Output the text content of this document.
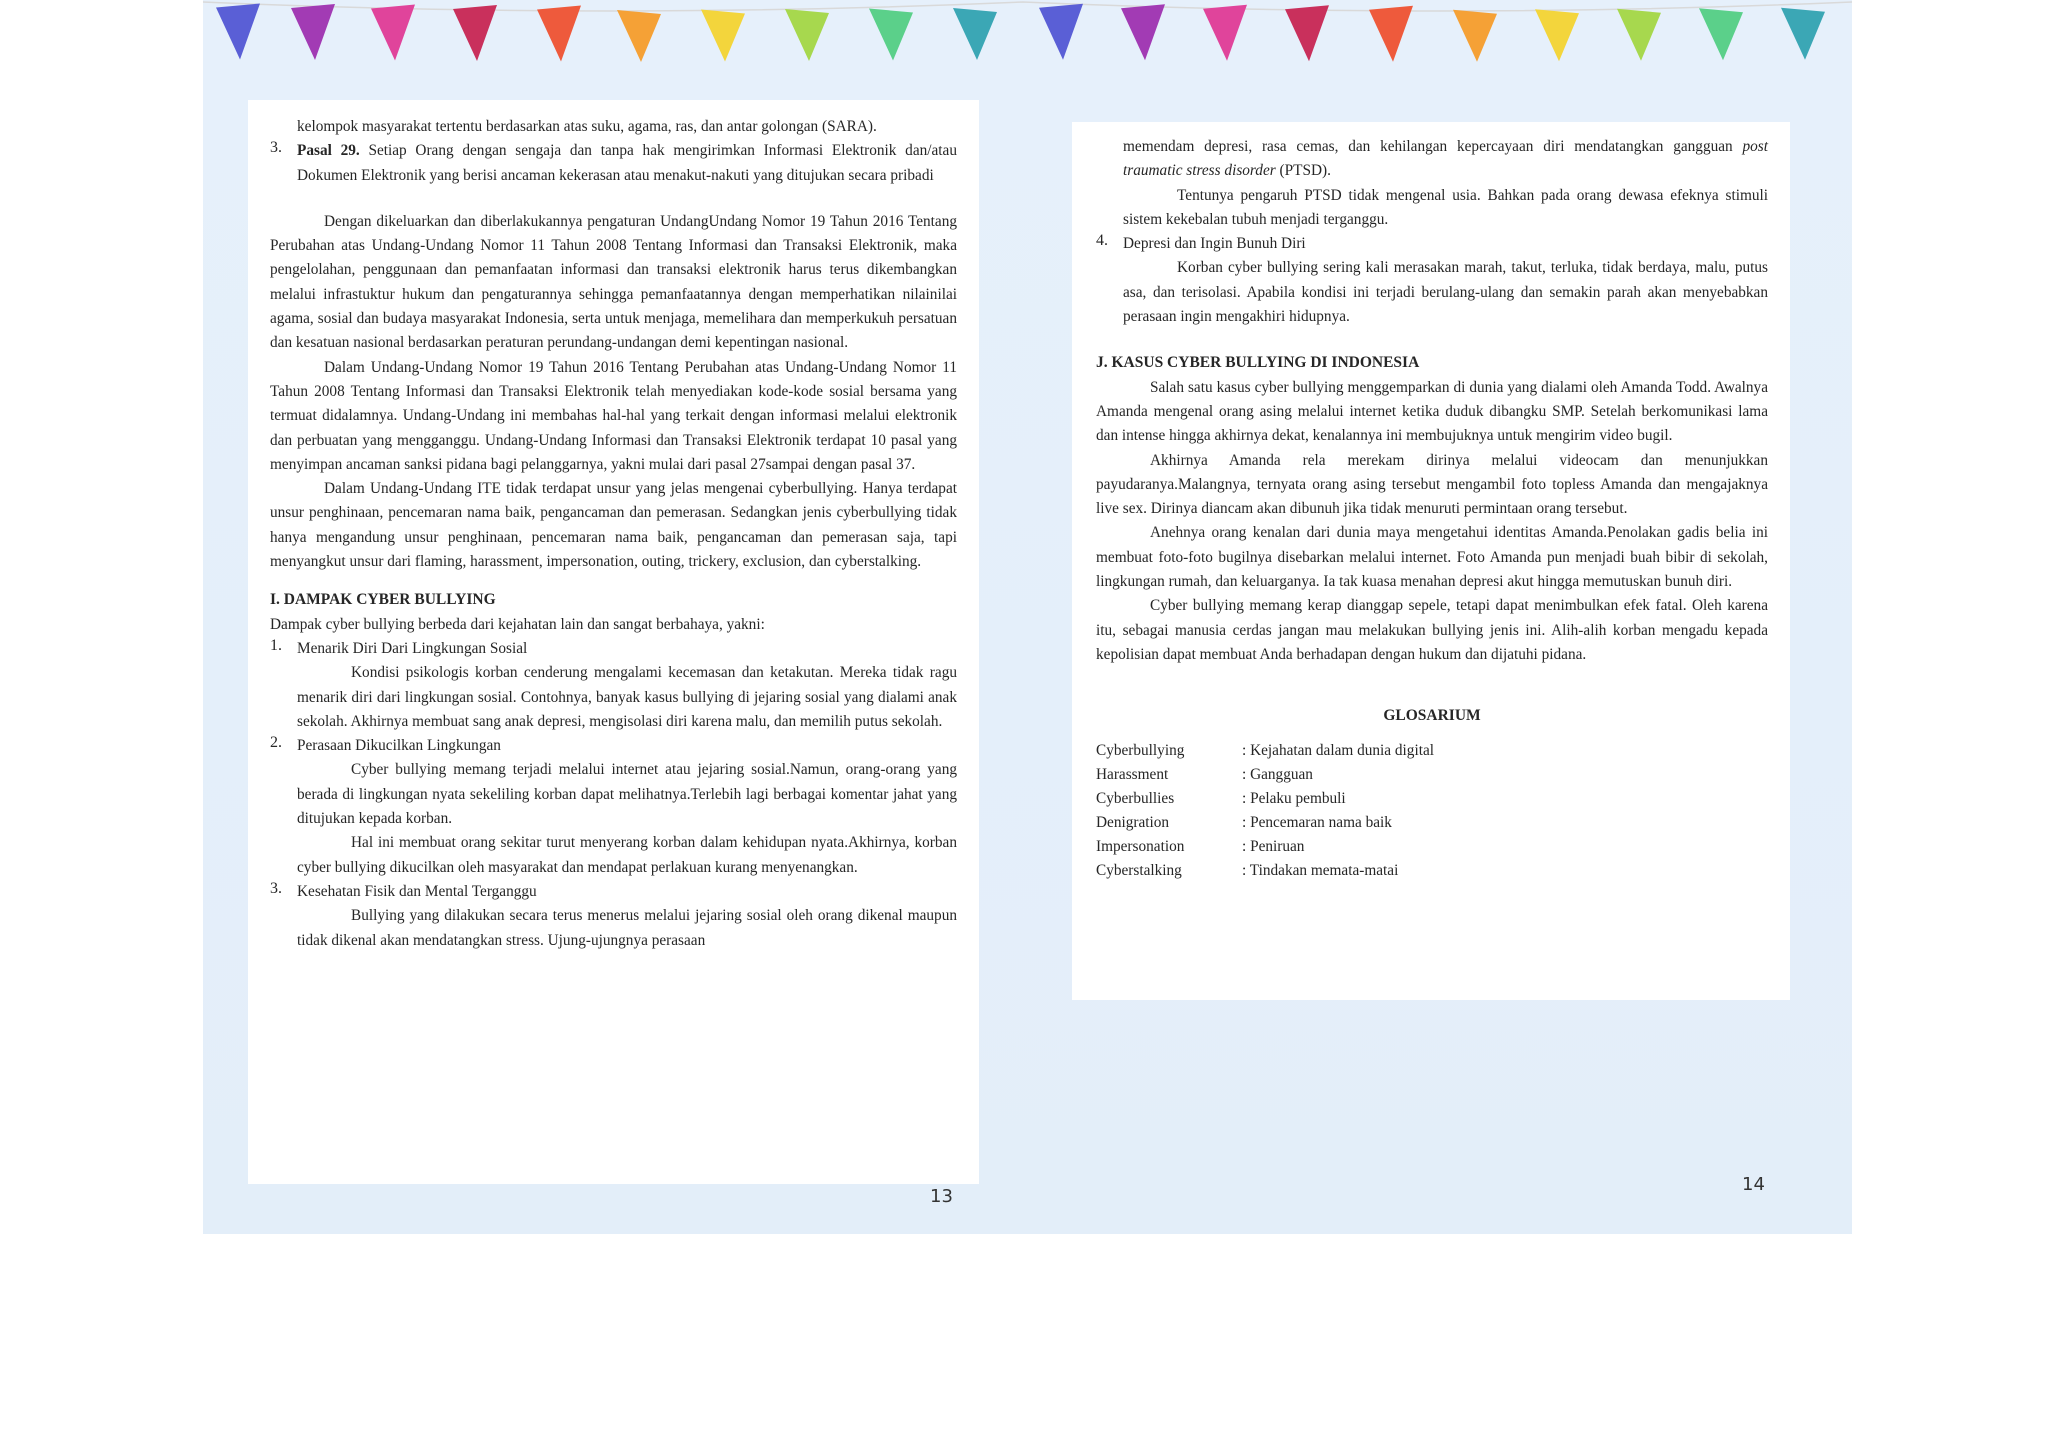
kelompok masyarakat tertentu berdasarkan atas suku, agama, ras, dan antar golongan (SARA).

3. Pasal 29. Setiap Orang dengan sengaja dan tanpa hak mengirimkan Informasi Elektronik dan/atau Dokumen Elektronik yang berisi ancaman kekerasan atau menakut-nakuti yang ditujukan secara pribadi

Dengan dikeluarkan dan diberlakukannya pengaturan UndangUndang Nomor 19 Tahun 2016 Tentang Perubahan atas Undang-Undang Nomor 11 Tahun 2008 Tentang Informasi dan Transaksi Elektronik, maka pengelolahan, penggunaan dan pemanfaatan informasi dan transaksi elektronik harus terus dikembangkan melalui infrastuktur hukum dan pengaturannya sehingga pemanfaatannya dengan memperhatikan nilainilai agama, sosial dan budaya masyarakat Indonesia, serta untuk menjaga, memelihara dan memperkukuh persatuan dan kesatuan nasional berdasarkan peraturan perundang-undangan demi kepentingan nasional.

Dalam Undang-Undang Nomor 19 Tahun 2016 Tentang Perubahan atas Undang-Undang Nomor 11 Tahun 2008 Tentang Informasi dan Transaksi Elektronik telah menyediakan kode-kode sosial bersama yang termuat didalamnya. Undang-Undang ini membahas hal-hal yang terkait dengan informasi melalui elektronik dan perbuatan yang mengganggu. Undang-Undang Informasi dan Transaksi Elektronik terdapat 10 pasal yang menyimpan ancaman sanksi pidana bagi pelanggarnya, yakni mulai dari pasal 27sampai dengan pasal 37.

Dalam Undang-Undang ITE tidak terdapat unsur yang jelas mengenai cyberbullying. Hanya terdapat unsur penghinaan, pencemaran nama baik, pengancaman dan pemerasan. Sedangkan jenis cyberbullying tidak hanya mengandung unsur penghinaan, pencemaran nama baik, pengancaman dan pemerasan saja, tapi menyangkut unsur dari flaming, harassment, impersonation, outing, trickery, exclusion, dan cyberstalking.

I. DAMPAK CYBER BULLYING

Dampak cyber bullying berbeda dari kejahatan lain dan sangat berbahaya, yakni:

1. Menarik Diri Dari Lingkungan Sosial

Kondisi psikologis korban cenderung mengalami kecemasan dan ketakutan. Mereka tidak ragu menarik diri dari lingkungan sosial. Contohnya, banyak kasus bullying di jejaring sosial yang dialami anak sekolah. Akhirnya membuat sang anak depresi, mengisolasi diri karena malu, dan memilih putus sekolah.

2. Perasaan Dikucilkan Lingkungan

Cyber bullying memang terjadi melalui internet atau jejaring sosial.Namun, orang-orang yang berada di lingkungan nyata sekeliling korban dapat melihatnya.Terlebih lagi berbagai komentar jahat yang ditujukan kepada korban.

Hal ini membuat orang sekitar turut menyerang korban dalam kehidupan nyata.Akhirnya, korban cyber bullying dikucilkan oleh masyarakat dan mendapat perlakuan kurang menyenangkan.

3. Kesehatan Fisik dan Mental Terganggu

Bullying yang dilakukan secara terus menerus melalui jejaring sosial oleh orang dikenal maupun tidak dikenal akan mendatangkan stress. Ujung-ujungnya perasaan

13

memendam depresi, rasa cemas, dan kehilangan kepercayaan diri mendatangkan gangguan post traumatic stress disorder (PTSD).

Tentunya pengaruh PTSD tidak mengenal usia. Bahkan pada orang dewasa efeknya stimuli sistem kekebalan tubuh menjadi terganggu.

4. Depresi dan Ingin Bunuh Diri

Korban cyber bullying sering kali merasakan marah, takut, terluka, tidak berdaya, malu, putus asa, dan terisolasi. Apabila kondisi ini terjadi berulang-ulang dan semakin parah akan menyebabkan perasaan ingin mengakhiri hidupnya.

J. KASUS CYBER BULLYING DI INDONESIA

Salah satu kasus cyber bullying menggemparkan di dunia yang dialami oleh Amanda Todd. Awalnya Amanda mengenal orang asing melalui internet ketika duduk dibangku SMP. Setelah berkomunikasi lama dan intense hingga akhirnya dekat, kenalannya ini membujuknya untuk mengirim video bugil.

Akhirnya Amanda rela merekam dirinya melalui videocam dan menunjukkan payudaranya.Malangnya, ternyata orang asing tersebut mengambil foto topless Amanda dan mengajaknya live sex. Dirinya diancam akan dibunuh jika tidak menuruti permintaan orang tersebut.

Anehnya orang kenalan dari dunia maya mengetahui identitas Amanda.Penolakan gadis belia ini membuat foto-foto bugilnya disebarkan melalui internet. Foto Amanda pun menjadi buah bibir di sekolah, lingkungan rumah, dan keluarganya. Ia tak kuasa menahan depresi akut hingga memutuskan bunuh diri.

Cyber bullying memang kerap dianggap sepele, tetapi dapat menimbulkan efek fatal. Oleh karena itu, sebagai manusia cerdas jangan mau melakukan bullying jenis ini. Alih-alih korban mengadu kepada kepolisian dapat membuat Anda berhadapan dengan hukum dan dijatuhi pidana.

GLOSARIUM
Cyberbullying	: Kejahatan dalam dunia digital
Harassment	: Gangguan
Cyberbullies	: Pelaku pembuli
Denigration	: Pencemaran nama baik
Impersonation	: Peniruan
Cyberstalking	: Tindakan memata-matai
14
